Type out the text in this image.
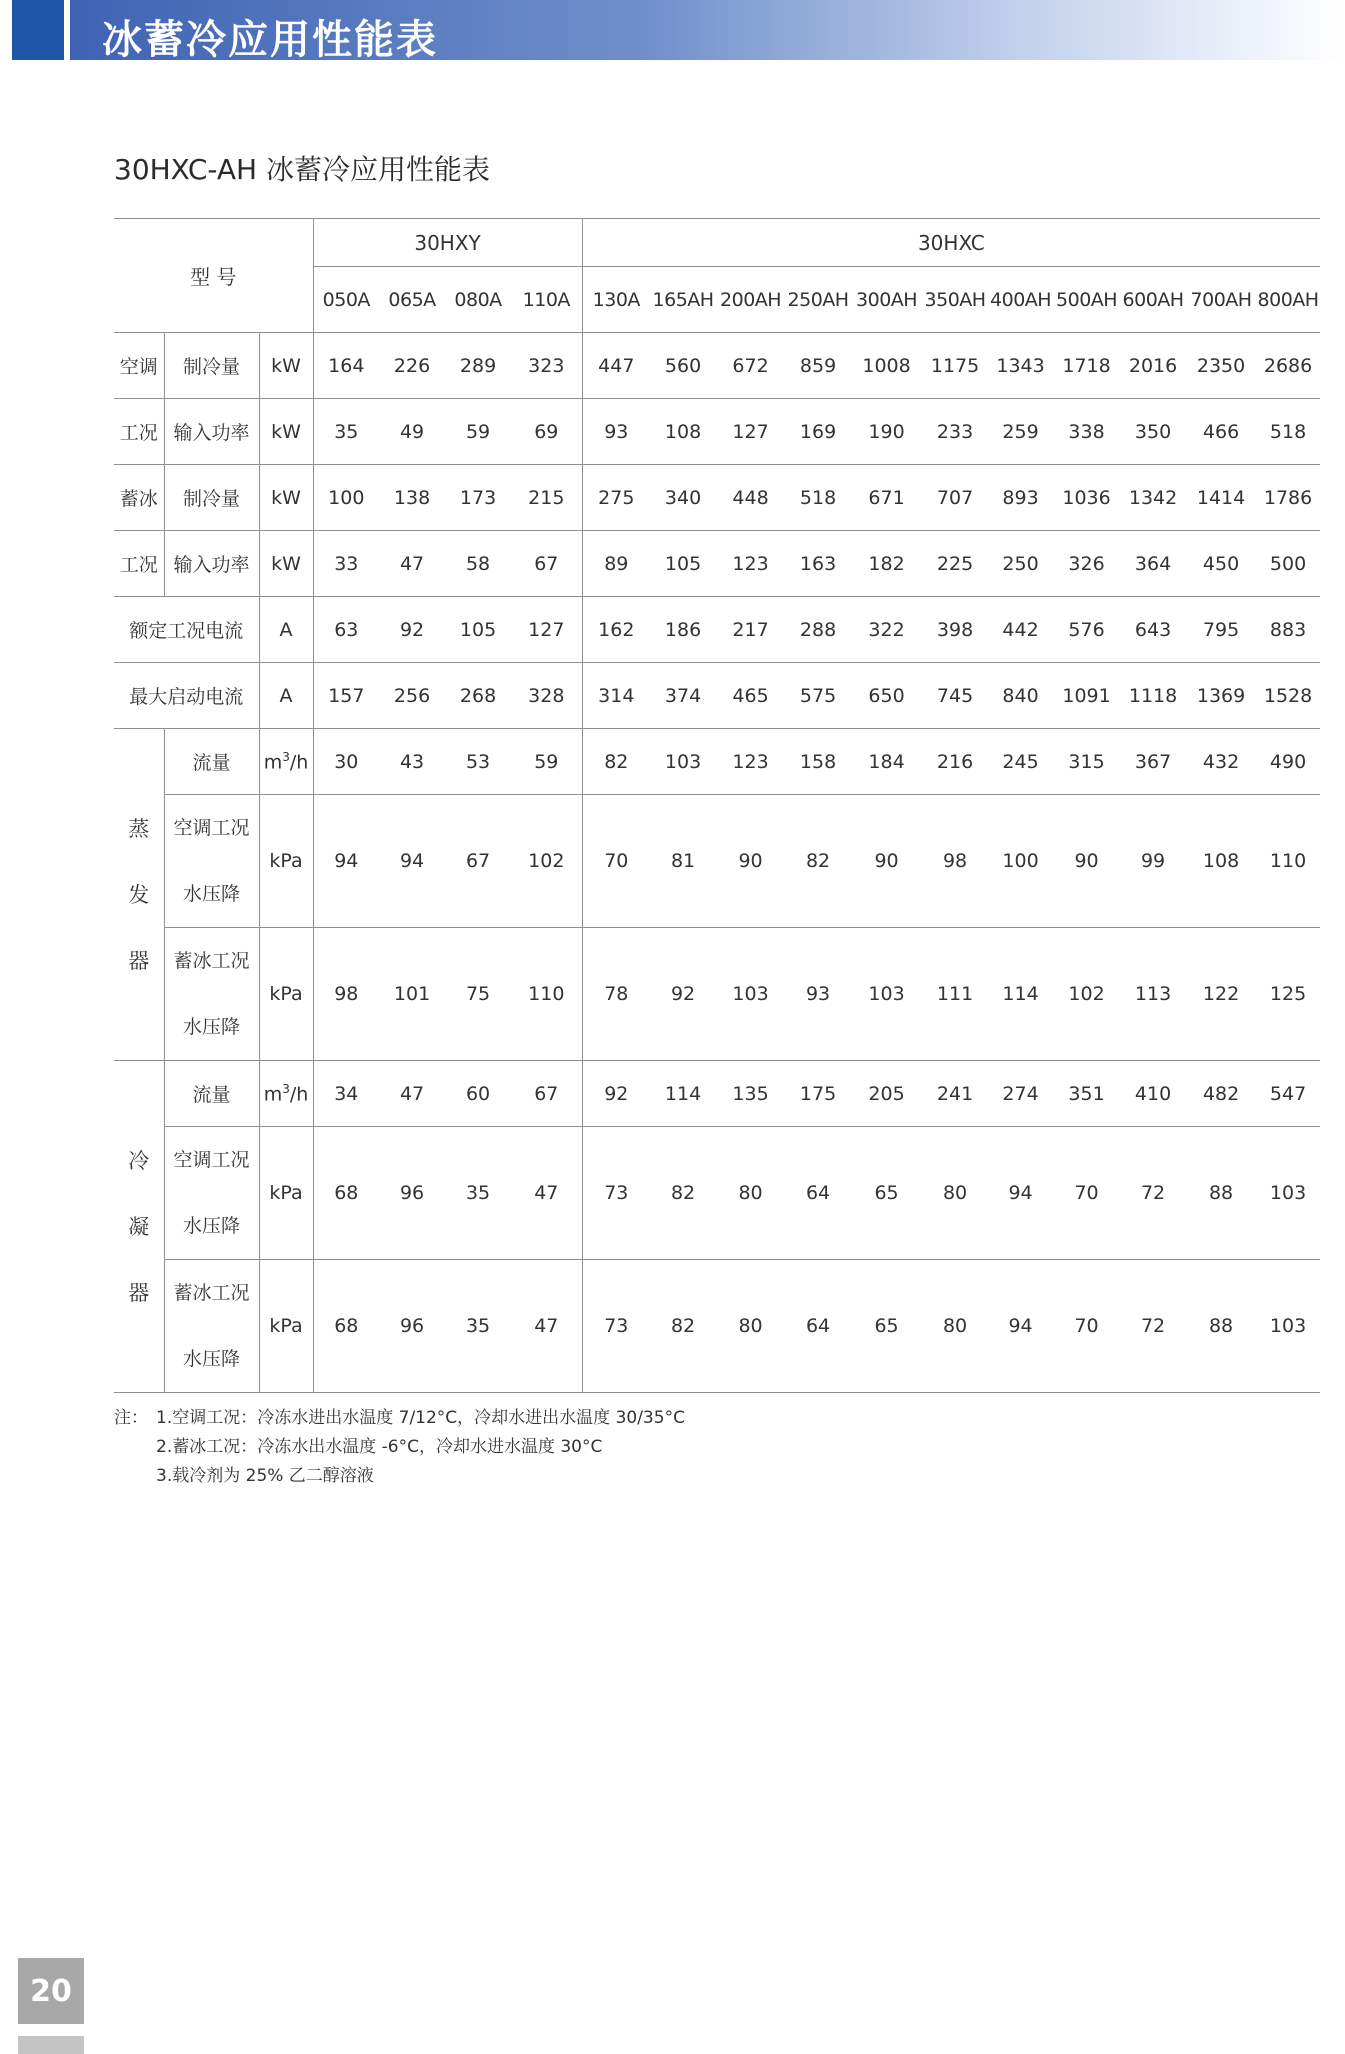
冰蓄冷应用性能表
30HXC-AH 冰蓄冷应用性能表
型 号			30HXY				30HXC										
			050A	065A	080A	110A	130A	165AH	200AH	250AH	300AH	350AH	400AH	500AH	600AH	700AH	800AH
空调	制冷量	kW	164	226	289	323	447	560	672	859	1008	1175	1343	1718	2016	2350	2686
工况	输入功率	kW	35	49	59	69	93	108	127	169	190	233	259	338	350	466	518
蓄冰	制冷量	kW	100	138	173	215	275	340	448	518	671	707	893	1036	1342	1414	1786
工况	输入功率	kW	33	47	58	67	89	105	123	163	182	225	250	326	364	450	500
额定工况电流		A	63	92	105	127	162	186	217	288	322	398	442	576	643	795	883
最大启动电流		A	157	256	268	328	314	374	465	575	650	745	840	1091	1118	1369	1528

蒸
发
器	流量	$m^3/h$	30	43	53	59	82	103	123	158	184	216	245	315	367	432	490
	空调工况
水压降	kPa	94	94	67	102	70	81	90	82	90	98	100	90	99	108	110
	蓄冰工况
水压降	kPa	98	101	75	110	78	92	103	93	103	111	114	102	113	122	125

冷
凝
器	流量	$m^3/h$	34	47	60	67	92	114	135	175	205	241	274	351	410	482	547
	空调工况
水压降	kPa	68	96	35	47	73	82	80	64	65	80	94	70	72	88	103
	蓄冰工况
水压降	kPa	68	96	35	47	73	82	80	64	65	80	94	70	72	88	103
注： 1.空调工况：冷冻水进出水温度 7/12°C，冷却水进出水温度 30/35°C
2.蓄冰工况：冷冻水出水温度 -6°C，冷却水进水温度 30°C
3.载冷剂为 25% 乙二醇溶液
20
